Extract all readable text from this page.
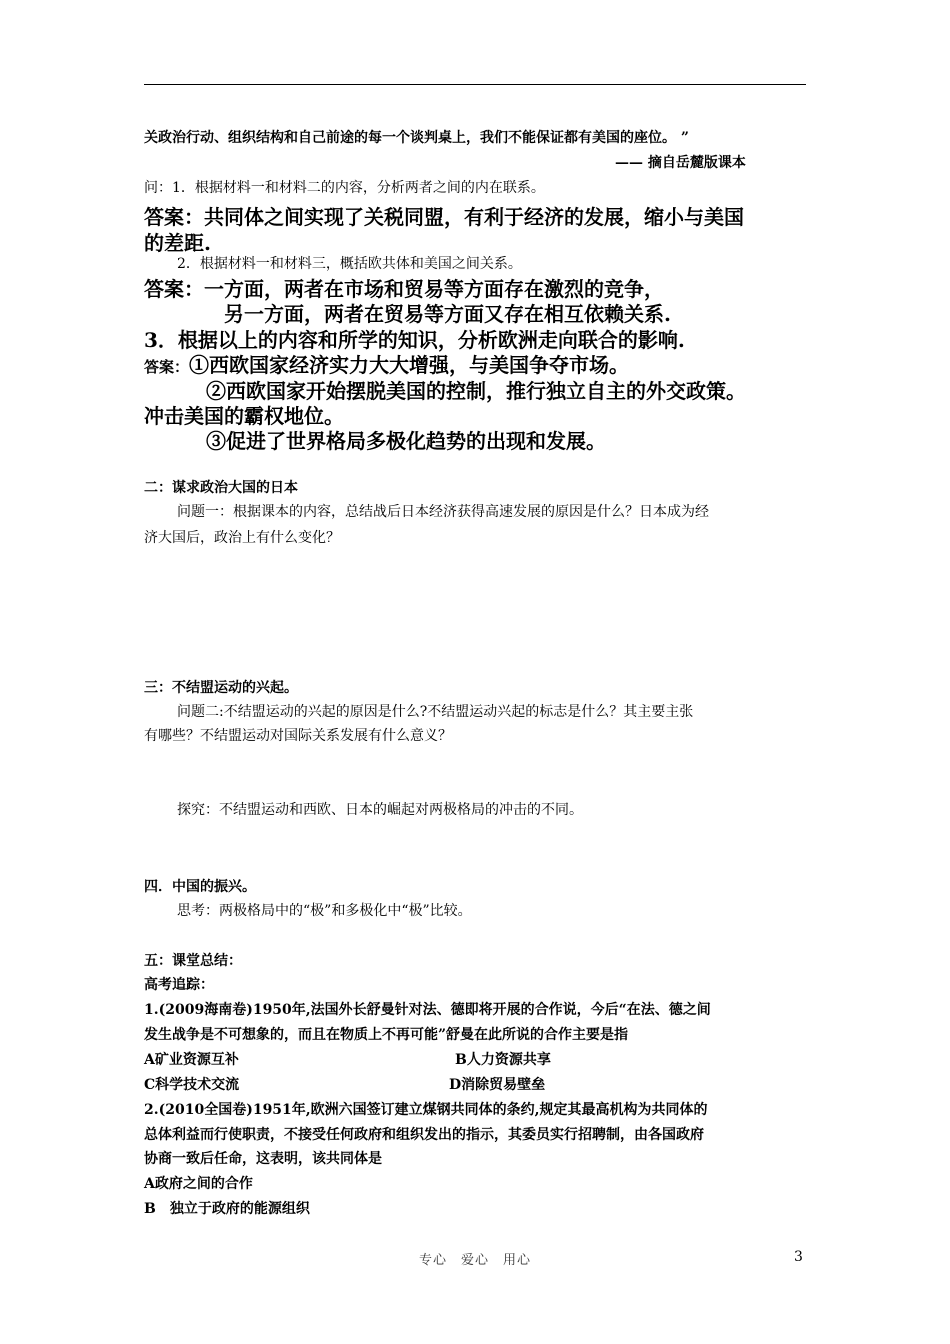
关政治行动、组织结构和自己前途的每一个谈判桌上，我们不能保证都有美国的座位。 ”
—— 摘自岳麓版课本
问：1．根据材料一和材料二的内容，分析两者之间的内在联系。
答案：共同体之间实现了关税同盟，有利于经济的发展，缩小与美国
的差距.
2．根据材料一和材料三，概括欧共体和美国之间关系。
答案：一方面，两者在市场和贸易等方面存在激烈的竞争，
另一方面，两者在贸易等方面又存在相互依赖关系.
3．根据以上的内容和所学的知识，分析欧洲走向联合的影响.
答案：①西欧国家经济实力大大增强，与美国争夺市场。
②西欧国家开始摆脱美国的控制，推行独立自主的外交政策。
冲击美国的霸权地位。
③促进了世界格局多极化趋势的出现和发展。
二：谋求政治大国的日本
问题一：根据课本的内容，总结战后日本经济获得高速发展的原因是什么？日本成为经
济大国后，政治上有什么变化？
三：不结盟运动的兴起。
问题二:不结盟运动的兴起的原因是什么?不结盟运动兴起的标志是什么？其主要主张
有哪些？不结盟运动对国际关系发展有什么意义？
探究：不结盟运动和西欧、日本的崛起对两极格局的冲击的不同。
四．中国的振兴。
思考：两极格局中的“极”和多极化中“极”比较。
五：课堂总结：
高考追踪：
1.(2009海南卷)1950年,法国外长舒曼针对法、德即将开展的合作说，今后“在法、德之间
发生战争是不可想象的，而且在物质上不再可能”舒曼在此所说的合作主要是指
A矿业资源互补	B人力资源共享
C科学技术交流	D消除贸易壁垒
2.(2010全国卷)1951年,欧洲六国签订建立煤钢共同体的条约,规定其最高机构为共同体的
总体利益而行使职责，不接受任何政府和组织发出的指示，其委员实行招聘制，由各国政府
协商一致后任命，这表明，该共同体是
A政府之间的合作
B　独立于政府的能源组织
专心　爱心　用心	3
